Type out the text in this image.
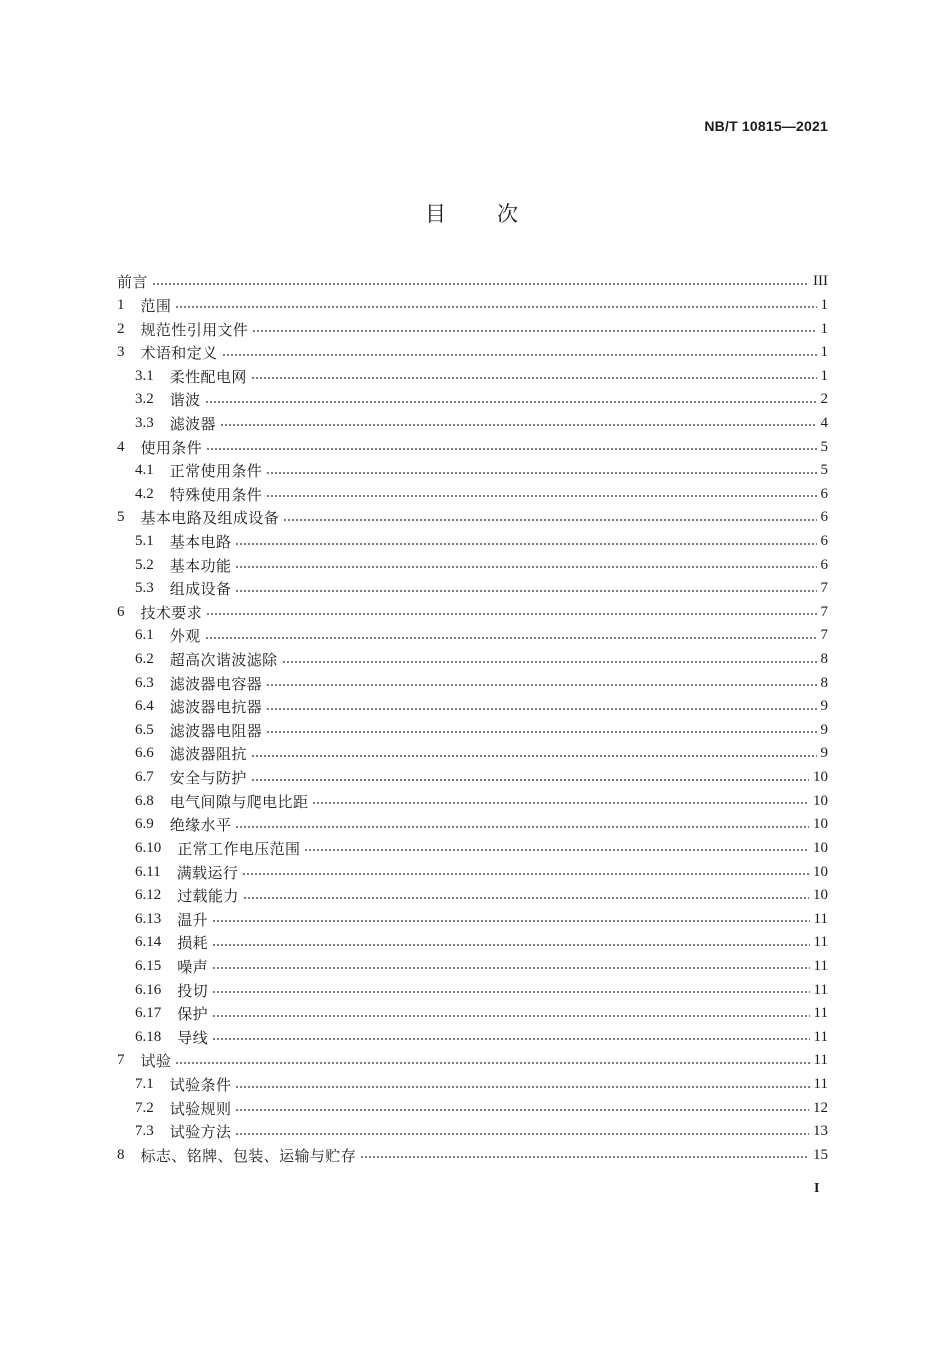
NB/T 10815—2021
目　次
前言	III
1 范围	1
2 规范性引用文件	1
3 术语和定义	1
3.1 柔性配电网	1
3.2 谐波	2
3.3 滤波器	4
4 使用条件	5
4.1 正常使用条件	5
4.2 特殊使用条件	6
5 基本电路及组成设备	6
5.1 基本电路	6
5.2 基本功能	6
5.3 组成设备	7
6 技术要求	7
6.1 外观	7
6.2 超高次谐波滤除	8
6.3 滤波器电容器	8
6.4 滤波器电抗器	9
6.5 滤波器电阻器	9
6.6 滤波器阻抗	9
6.7 安全与防护	10
6.8 电气间隙与爬电比距	10
6.9 绝缘水平	10
6.10 正常工作电压范围	10
6.11 满载运行	10
6.12 过载能力	10
6.13 温升	11
6.14 损耗	11
6.15 噪声	11
6.16 投切	11
6.17 保护	11
6.18 导线	11
7 试验	11
7.1 试验条件	11
7.2 试验规则	12
7.3 试验方法	13
8 标志、铭牌、包装、运输与贮存	15
I
